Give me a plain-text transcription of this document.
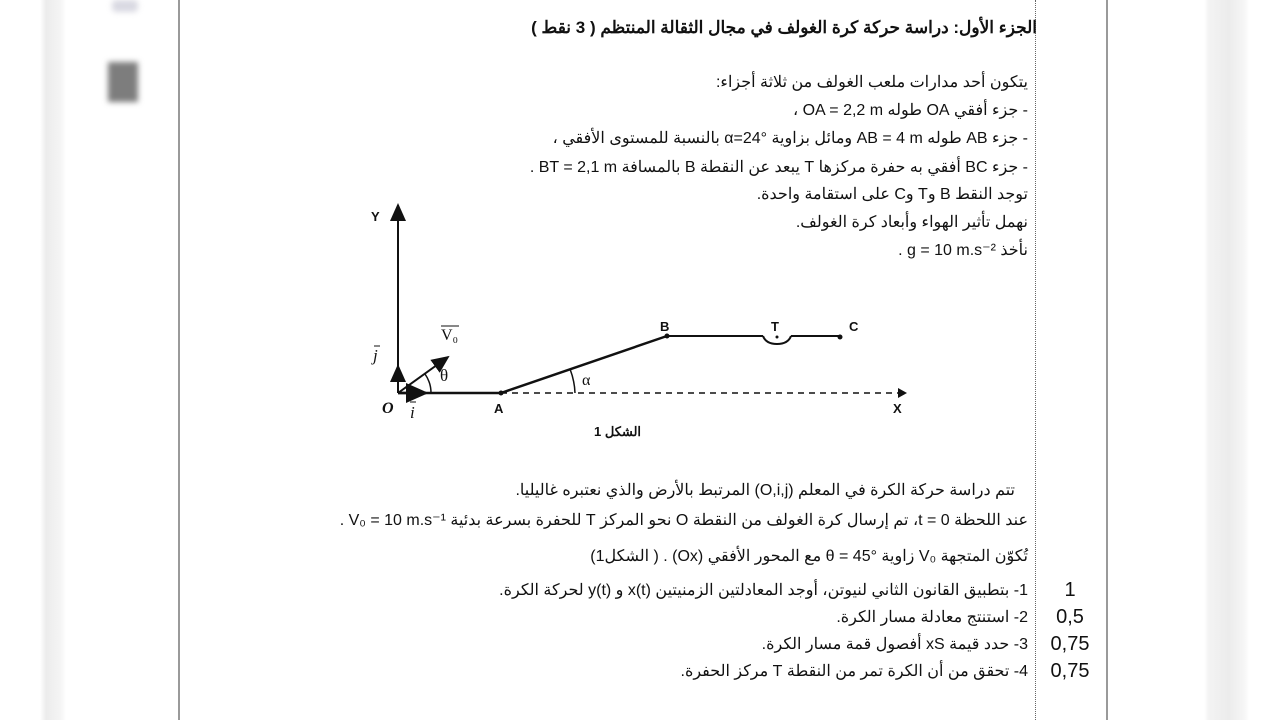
الجزء الأول: دراسة حركة كرة الغولف في مجال الثقالة المنتظم ( 3 نقط )
يتكون أحد مدارات ملعب الغولف من ثلاثة أجزاء:
- جزء أفقي OA طوله OA = 2,2 m ،
- جزء AB طوله AB = 4 m ومائل بزاوية α=24° بالنسبة للمستوى الأفقي ،
- جزء BC أفقي به حفرة مركزها T يبعد عن النقطة B بالمسافة BT = 2,1 m .
توجد النقط B وT وC على استقامة واحدة.
نهمل تأثير الهواء وأبعاد كرة الغولف.
نأخذ g = 10 m.s⁻² .
Y
X
O i
j
V₀
θ	α
A
B	T	C
الشكل 1
تتم دراسة حركة الكرة في المعلم (O,i,j) المرتبط بالأرض والذي نعتبره غاليليا.
عند اللحظة t = 0، تم إرسال كرة الغولف من النقطة O نحو المركز T للحفرة بسرعة بدئية V₀ = 10 m.s⁻¹ .
تُكوّن المتجهة V₀ زاوية θ = 45° مع المحور الأفقي (Ox) . ( الشكل1)
1- بتطبيق القانون الثاني لنيوتن، أوجد المعادلتين الزمنيتين x(t) و y(t) لحركة الكرة.	1
2- استنتج معادلة مسار الكرة.	0,5
3- حدد قيمة xS أفصول قمة مسار الكرة.	0,75
4- تحقق من أن الكرة تمر من النقطة T مركز الحفرة.	0,75
